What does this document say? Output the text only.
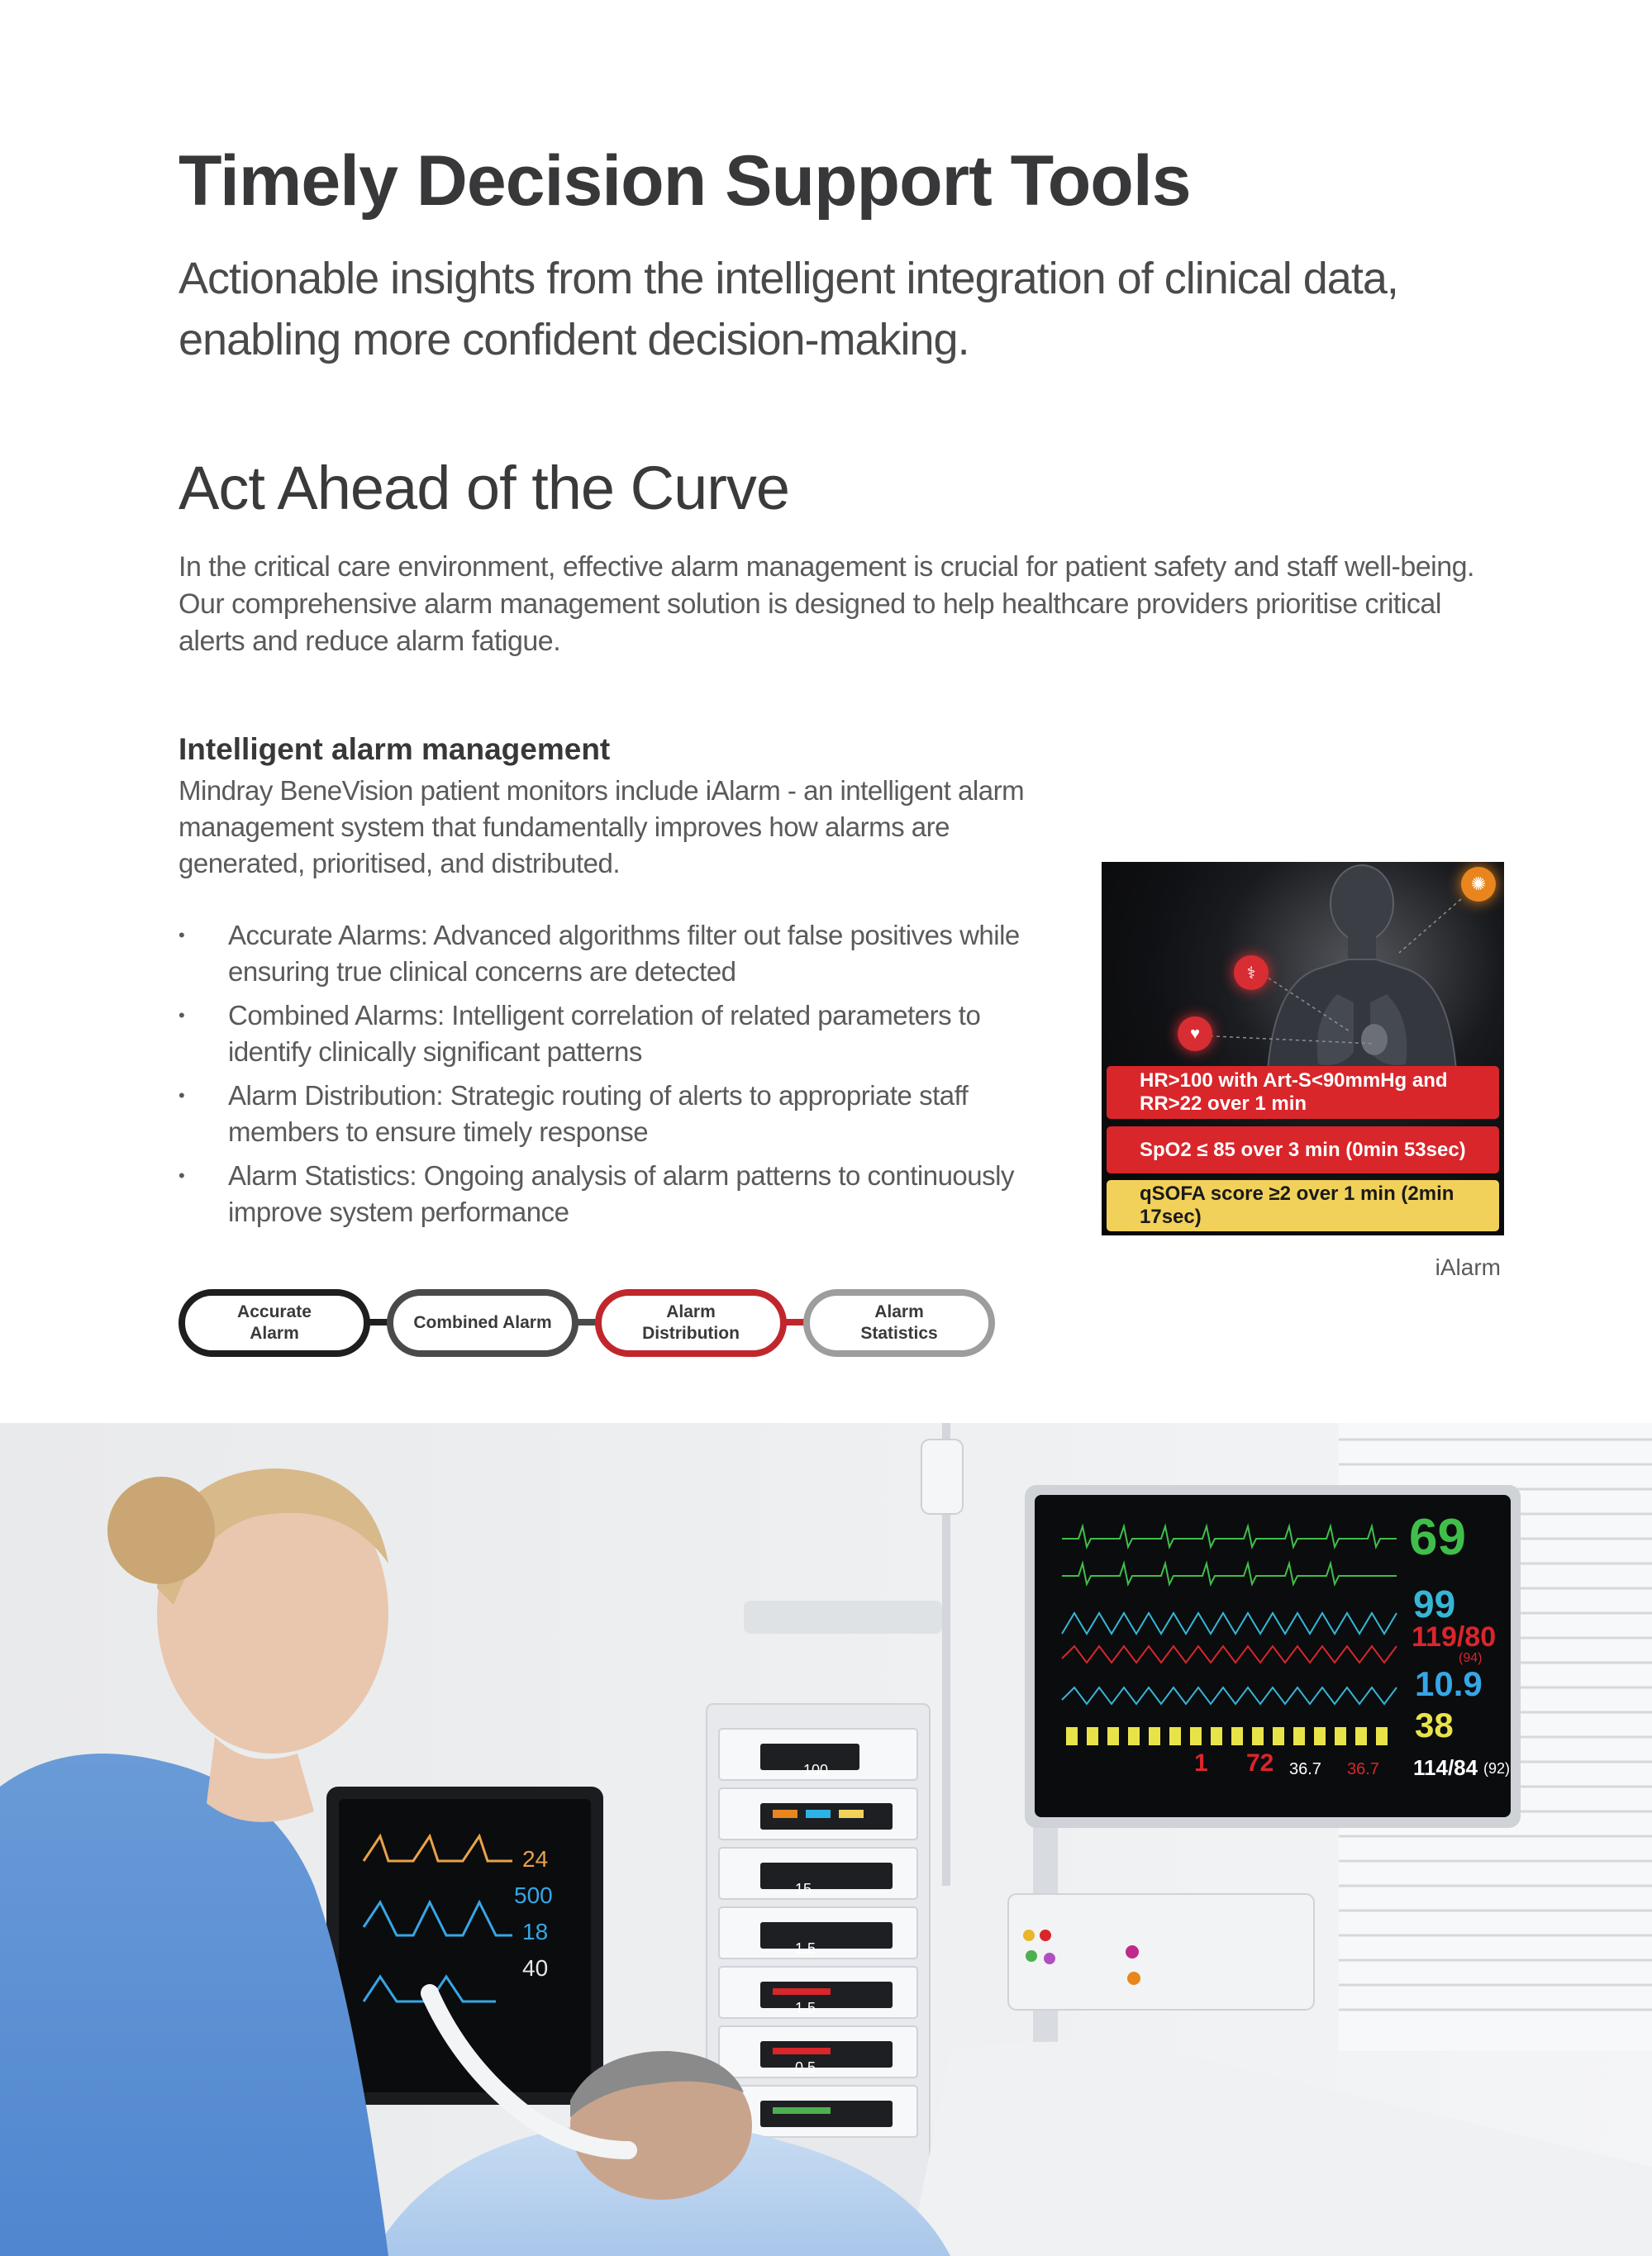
Timely Decision Support Tools
Actionable insights from the intelligent integration of clinical data, enabling more confident decision-making.
Act Ahead of the Curve
In the critical care environment, effective alarm management is crucial for patient safety and staff well-being. Our comprehensive alarm management solution is designed to help healthcare providers prioritise critical alerts and reduce alarm fatigue.
Intelligent alarm management
Mindray BeneVision patient monitors include iAlarm - an intelligent alarm management system that fundamentally improves how alarms are generated, prioritised, and distributed.
• Accurate Alarms: Advanced algorithms filter out false positives while ensuring true clinical concerns are detected
• Combined Alarms: Intelligent correlation of related parameters to identify clinically significant patterns
• Alarm Distribution: Strategic routing of alerts to appropriate staff members to ensure timely response
• Alarm Statistics: Ongoing analysis of alarm patterns to continuously improve system performance
Accurate Alarm
Combined Alarm
Alarm Distribution
Alarm Statistics
✺
⚕
♥
HR>100 with Art-S<90mmHg and RR>22 over 1 min
SpO2 ≤ 85 over 3 min (0min 53sec)
qSOFA score ≥2 over 1 min (2min 17sec)
iAlarm
69
99
119/80
(94)
10.9
38
1 72 36.7 36.7 114/84 (92)
24
500
18
40
100
15
1.5
1.5
0.5
